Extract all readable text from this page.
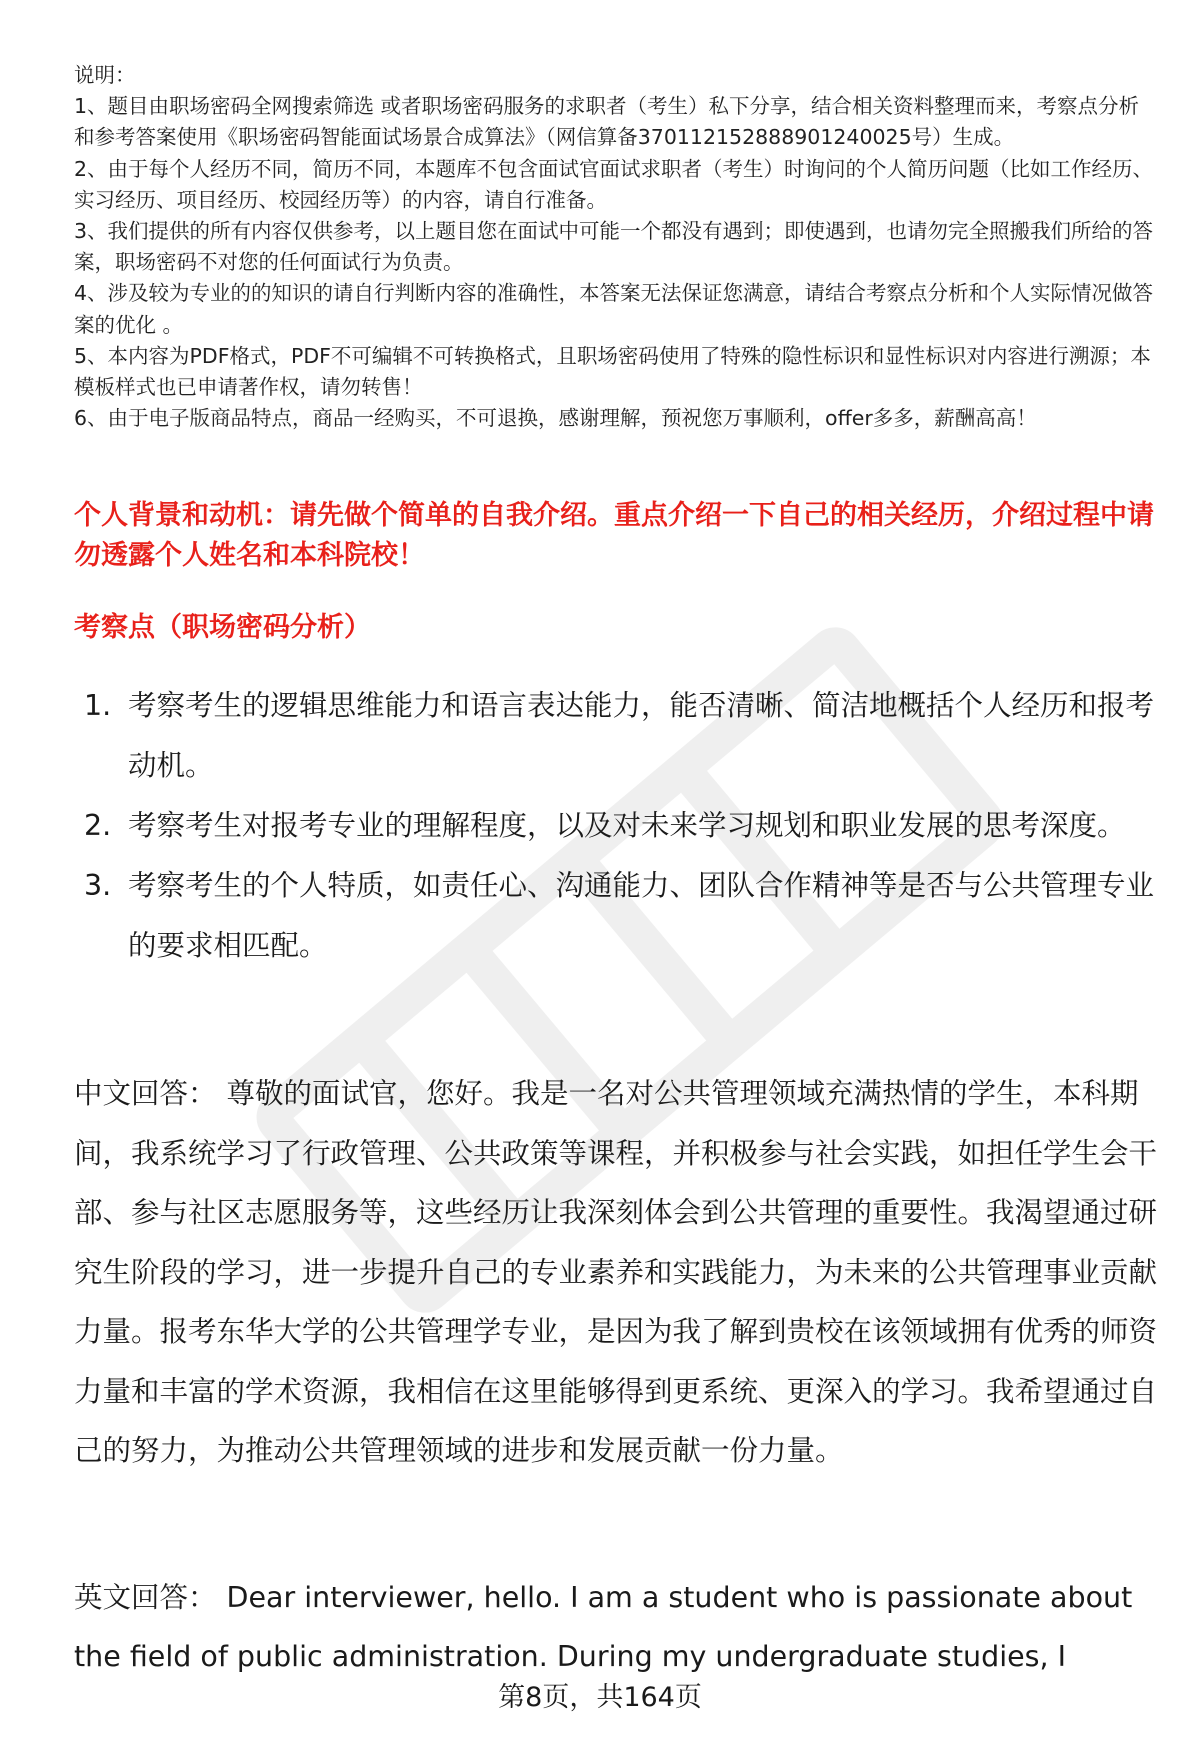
说明：

1、题目由职场密码全网搜索筛选 或者职场密码服务的求职者（考生）私下分享，结合相关资料整理而来，考察点分析和参考答案使用《职场密码智能面试场景合成算法》（网信算备370112152888901240025号）生成。

2、由于每个人经历不同，简历不同，本题库不包含面试官面试求职者（考生）时询问的个人简历问题（比如工作经历、实习经历、项目经历、校园经历等）的内容，请自行准备。

3、我们提供的所有内容仅供参考，以上题目您在面试中可能一个都没有遇到；即使遇到，也请勿完全照搬我们所给的答案，职场密码不对您的任何面试行为负责。

4、涉及较为专业的的知识的请自行判断内容的准确性，本答案无法保证您满意，请结合考察点分析和个人实际情况做答案的优化 。

5、本内容为PDF格式，PDF不可编辑不可转换格式，且职场密码使用了特殊的隐性标识和显性标识对内容进行溯源；本模板样式也已申请著作权，请勿转售！

6、由于电子版商品特点，商品一经购买，不可退换，感谢理解，预祝您万事顺利，offer多多，薪酬高高！

个人背景和动机：请先做个简单的自我介绍。重点介绍一下自己的相关经历，介绍过程中请勿透露个人姓名和本科院校！

考察点（职场密码分析）

1. 考察考生的逻辑思维能力和语言表达能力，能否清晰、简洁地概括个人经历和报考动机。
2. 考察考生对报考专业的理解程度，以及对未来学习规划和职业发展的思考深度。
3. 考察考生的个人特质，如责任心、沟通能力、团队合作精神等是否与公共管理专业的要求相匹配。

中文回答： 尊敬的面试官，您好。我是一名对公共管理领域充满热情的学生，本科期间，我系统学习了行政管理、公共政策等课程，并积极参与社会实践，如担任学生会干部、参与社区志愿服务等，这些经历让我深刻体会到公共管理的重要性。我渴望通过研究生阶段的学习，进一步提升自己的专业素养和实践能力，为未来的公共管理事业贡献力量。报考东华大学的公共管理学专业，是因为我了解到贵校在该领域拥有优秀的师资力量和丰富的学术资源，我相信在这里能够得到更系统、更深入的学习。我希望通过自己的努力，为推动公共管理领域的进步和发展贡献一份力量。

英文回答： Dear interviewer, hello. I am a student who is passionate about the field of public administration. During my undergraduate studies, I

第8页，共164页
